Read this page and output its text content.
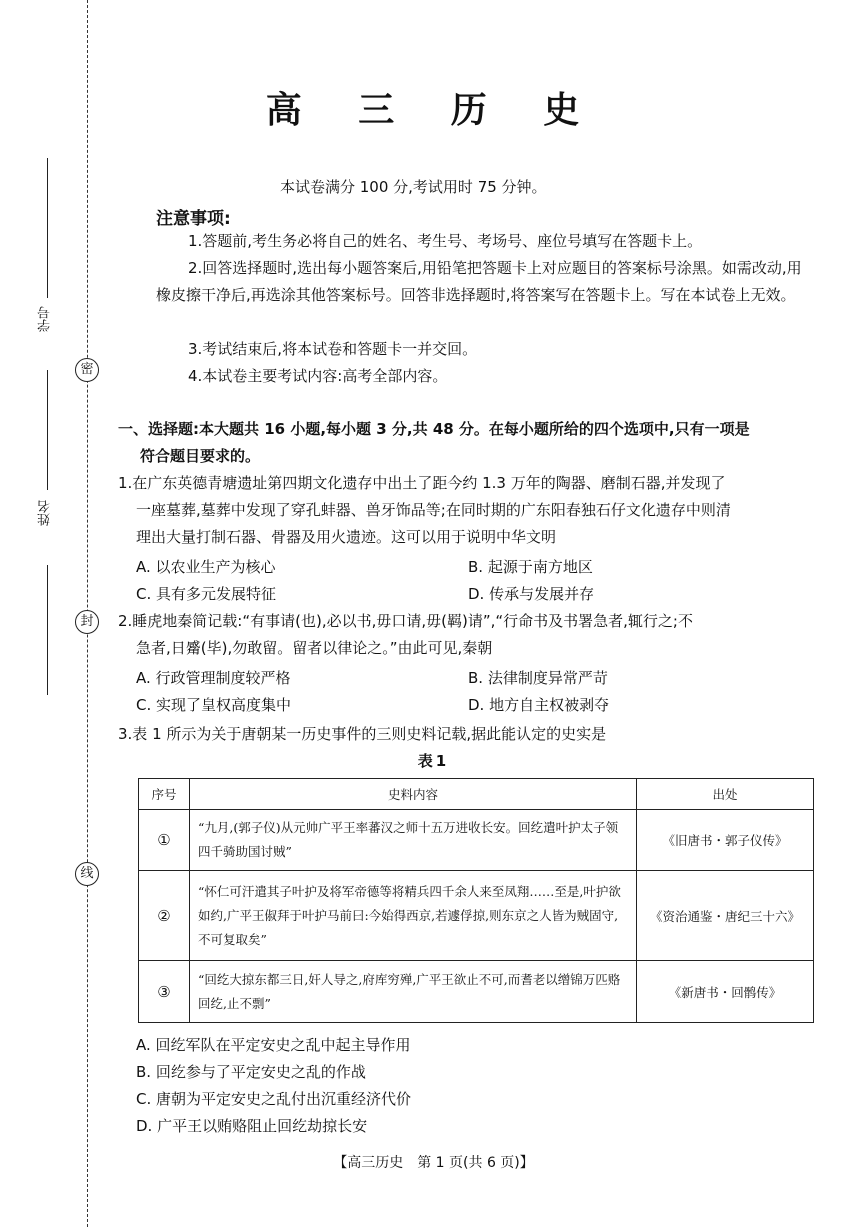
密
封
线
学号
姓名
高 三 历 史
本试卷满分 100 分,考试用时 75 分钟。
注意事项:
1.答题前,考生务必将自己的姓名、考生号、考场号、座位号填写在答题卡上。
2.回答选择题时,选出每小题答案后,用铅笔把答题卡上对应题目的答案标号涂黑。如需改动,用橡皮擦干净后,再选涂其他答案标号。回答非选择题时,将答案写在答题卡上。写在本试卷上无效。
3.考试结束后,将本试卷和答题卡一并交回。
4.本试卷主要考试内容:高考全部内容。
一、选择题:本大题共 16 小题,每小题 3 分,共 48 分。在每小题所给的四个选项中,只有一项是
符合题目要求的。
1.在广东英德青塘遗址第四期文化遗存中出土了距今约 1.3 万年的陶器、磨制石器,并发现了
一座墓葬,墓葬中发现了穿孔蚌器、兽牙饰品等;在同时期的广东阳春独石仔文化遗存中则清
理出大量打制石器、骨器及用火遗迹。这可以用于说明中华文明
A. 以农业生产为核心	B. 起源于南方地区
C. 具有多元发展特征	D. 传承与发展并存
2.睡虎地秦简记载:“有事请(也),必以书,毋口请,毋(羁)请”,“行命书及书署急者,辄行之;不
急者,日觱(毕),勿敢留。留者以律论之。”由此可见,秦朝
A. 行政管理制度较严格	B. 法律制度异常严苛
C. 实现了皇权高度集中	D. 地方自主权被剥夺
3.表 1 所示为关于唐朝某一历史事件的三则史料记载,据此能认定的史实是
表1
序号	史料内容	出处
①	“九月,(郭子仪)从元帅广平王率蕃汉之师十五万进收长安。回纥遣叶护太子领四千骑助国讨贼”	《旧唐书・郭子仪传》
②	“怀仁可汗遣其子叶护及将军帝德等将精兵四千余人来至凤翔……至是,叶护欲如约,广平王俶拜于叶护马前曰:今始得西京,若遽俘掠,则东京之人皆为贼固守,不可复取矣”	《资治通鉴・唐纪三十六》
③	“回纥大掠东都三日,奸人导之,府库穷殚,广平王欲止不可,而耆老以缯锦万匹赂回纥,止不剽”	《新唐书・回鹘传》
A. 回纥军队在平定安史之乱中起主导作用
B. 回纥参与了平定安史之乱的作战
C. 唐朝为平定安史之乱付出沉重经济代价
D. 广平王以贿赂阻止回纥劫掠长安
【高三历史　第 1 页(共 6 页)】
